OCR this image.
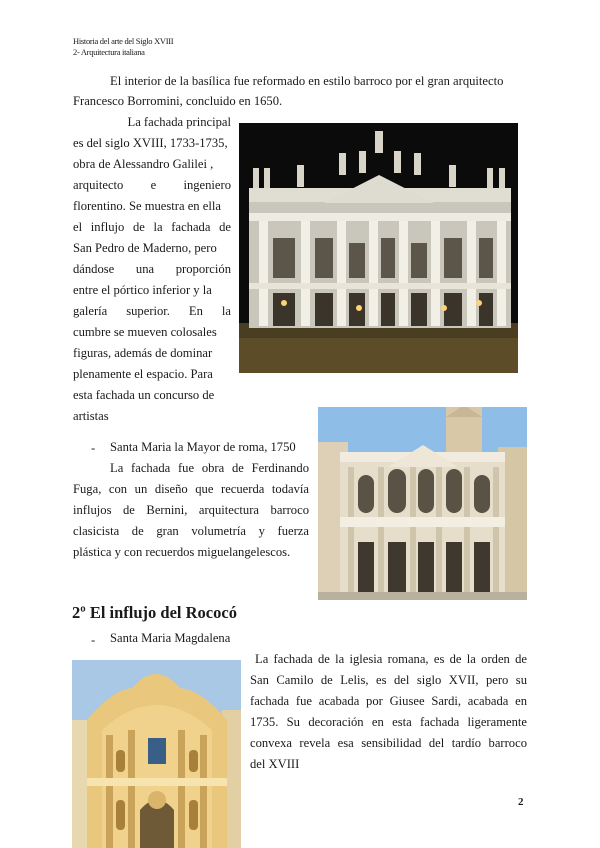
Historia del arte del Siglo XVIII
2- Arquitectura italiana
El interior de la basílica fue reformado en estilo barroco por el gran arquitecto
Francesco Borromini, concluido en 1650.
La fachada principal
es del siglo XVIII, 1733-1735,
obra de Alessandro Galilei ,
arquitecto e ingeniero
florentino. Se muestra en ella
el influjo de la fachada de
San Pedro de Maderno, pero
dándose una proporción
entre el pórtico inferior y la
galería superior. En la
cumbre se mueven colosales
figuras, además de dominar
plenamente el espacio. Para
esta fachada un concurso de
artistas
- Santa Maria la Mayor de roma, 1750
La fachada fue obra de Ferdinando
Fuga, con un diseño que recuerda todavía
influjos de Bernini, arquitectura barroco
clasicista de gran volumetría y fuerza
plástica y con recuerdos miguelangelescos.
2º El influjo del Rococó
- Santa Maria Magdalena
La fachada de la iglesia romana, es de la orden de
San Camilo de Lelis, es del siglo XVII, pero su
fachada fue acabada por Giusee Sardi, acabada en
1735. Su decoración en esta fachada ligeramente
convexa revela esa sensibilidad del tardío barroco
del XVIII
2
